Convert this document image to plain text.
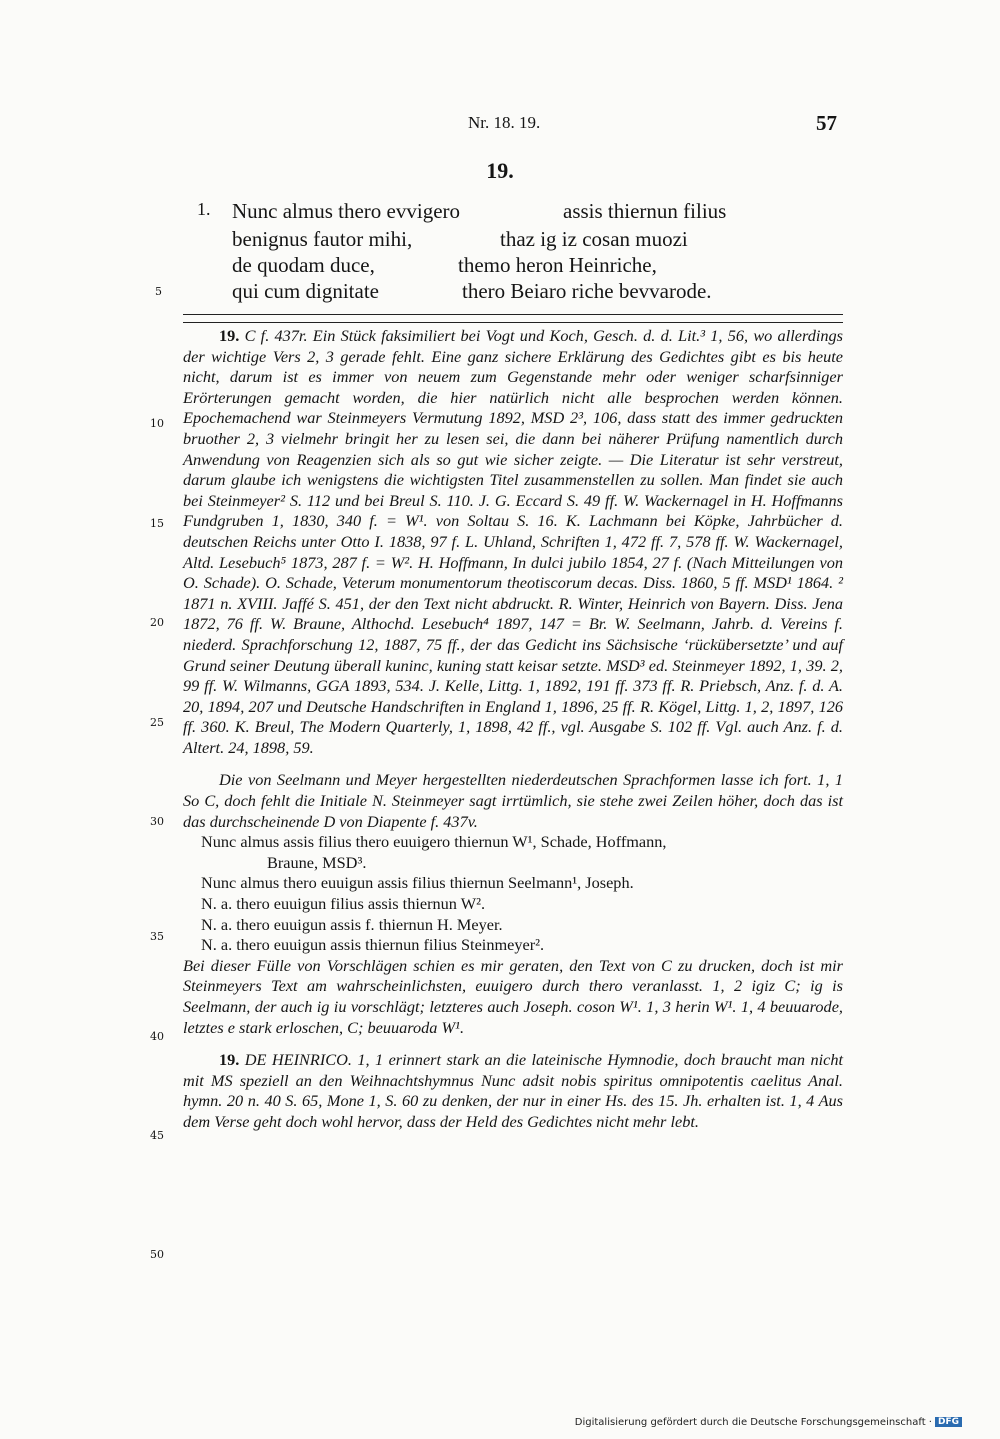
Nr. 18. 19.	57
19.
1. Nunc almus thero evvigero	assis thiernun filius
benignus fautor mihi,	thaz ig iz cosan muozi
de quodam duce,	themo heron Heinriche,
5	qui cum dignitate	thero Beiaro riche bevvarode.
10
15
20
25
30
35
40
45
50
19. C f. 437r. Ein Stück faksimiliert bei Vogt und Koch, Gesch. d. d. Lit.³ 1, 56, wo allerdings der wichtige Vers 2, 3 gerade fehlt. Eine ganz sichere Erklärung des Gedichtes gibt es bis heute nicht, darum ist es immer von neuem zum Gegenstande mehr oder weniger scharfsinniger Erörterungen gemacht worden, die hier natürlich nicht alle besprochen werden können. Epochemachend war Steinmeyers Vermutung 1892, MSD 2³, 106, dass statt des immer gedruckten bruother 2, 3 vielmehr bringit her zu lesen sei, die dann bei näherer Prüfung namentlich durch Anwendung von Reagenzien sich als so gut wie sicher zeigte. — Die Literatur ist sehr verstreut, darum glaube ich wenigstens die wichtigsten Titel zusammenstellen zu sollen. Man findet sie auch bei Steinmeyer² S. 112 und bei Breul S. 110. J. G. Eccard S. 49 ff. W. Wackernagel in H. Hoffmanns Fundgruben 1, 1830, 340 f. = W¹. von Soltau S. 16. K. Lachmann bei Köpke, Jahrbücher d. deutschen Reichs unter Otto I. 1838, 97 f. L. Uhland, Schriften 1, 472 ff. 7, 578 ff. W. Wackernagel, Altd. Lesebuch⁵ 1873, 287 f. = W². H. Hoffmann, In dulci jubilo 1854, 27 f. (Nach Mitteilungen von O. Schade). O. Schade, Veterum monumentorum theotiscorum decas. Diss. 1860, 5 ff. MSD¹ 1864. ² 1871 n. XVIII. Jaffé S. 451, der den Text nicht abdruckt. R. Winter, Heinrich von Bayern. Diss. Jena 1872, 76 ff. W. Braune, Althochd. Lesebuch⁴ 1897, 147 = Br. W. Seelmann, Jahrb. d. Vereins f. niederd. Sprachforschung 12, 1887, 75 ff., der das Gedicht ins Sächsische ‘rückübersetzte’ und auf Grund seiner Deutung überall kuninc, kuning statt keisar setzte. MSD³ ed. Steinmeyer 1892, 1, 39. 2, 99 ff. W. Wilmanns, GGA 1893, 534. J. Kelle, Littg. 1, 1892, 191 ff. 373 ff. R. Priebsch, Anz. f. d. A. 20, 1894, 207 und Deutsche Handschriften in England 1, 1896, 25 ff. R. Kögel, Littg. 1, 2, 1897, 126 ff. 360. K. Breul, The Modern Quarterly, 1, 1898, 42 ff., vgl. Ausgabe S. 102 ff. Vgl. auch Anz. f. d. Altert. 24, 1898, 59.
Die von Seelmann und Meyer hergestellten niederdeutschen Sprachformen lasse ich fort. 1, 1 So C, doch fehlt die Initiale N. Steinmeyer sagt irrtümlich, sie stehe zwei Zeilen höher, doch das ist das durchscheinende D von Diapente f. 437v.
Nunc almus assis filius thero euuigero thiernun W¹, Schade, Hoffmann,
Braune, MSD³.
Nunc almus thero euuigun assis filius thiernun Seelmann¹, Joseph.
N. a. thero euuigun filius assis thiernun W².
N. a. thero euuigun assis f. thiernun H. Meyer.
N. a. thero euuigun assis thiernun filius Steinmeyer².
Bei dieser Fülle von Vorschlägen schien es mir geraten, den Text von C zu drucken, doch ist mir Steinmeyers Text am wahrscheinlichsten, euuigero durch thero veranlasst. 1, 2 igiz C; ig is Seelmann, der auch ig iu vorschlägt; letzteres auch Joseph. coson W¹. 1, 3 herin W¹. 1, 4 beuuarode, letztes e stark erloschen, C; beuuaroda W¹.
19. DE HEINRICO. 1, 1 erinnert stark an die lateinische Hymnodie, doch braucht man nicht mit MS speziell an den Weihnachtshymnus Nunc adsit nobis spiritus omnipotentis caelitus Anal. hymn. 20 n. 40 S. 65, Mone 1, S. 60 zu denken, der nur in einer Hs. des 15. Jh. erhalten ist. 1, 4 Aus dem Verse geht doch wohl hervor, dass der Held des Gedichtes nicht mehr lebt.
Digitalisierung gefördert durch die Deutsche Forschungsgemeinschaft · DFG
